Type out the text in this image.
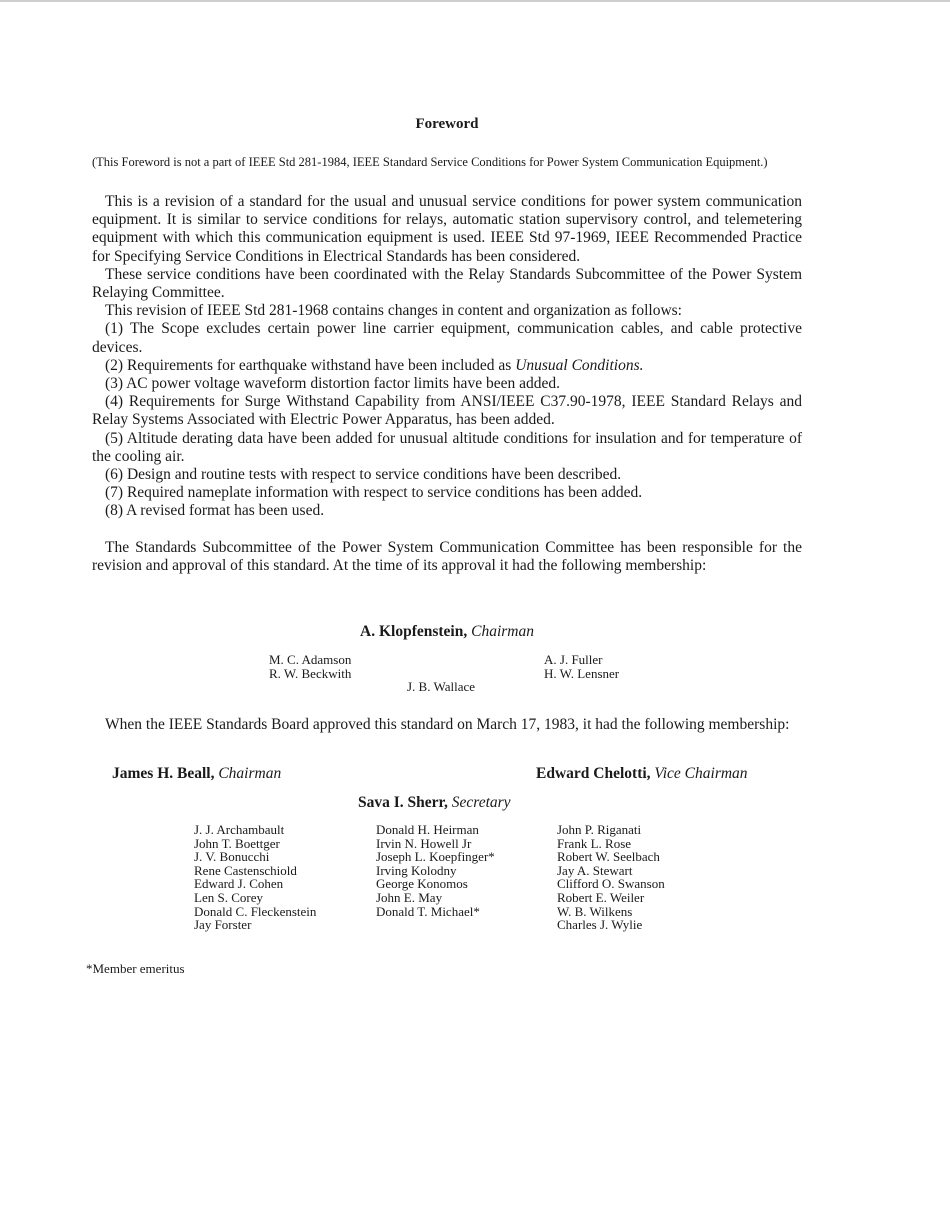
Foreword
(This Foreword is not a part of IEEE Std 281-1984, IEEE Standard Service Conditions for Power System Communication Equipment.)

This is a revision of a standard for the usual and unusual service conditions for power system communication equipment. It is similar to service conditions for relays, automatic station supervisory control, and telemetering equipment with which this communication equipment is used. IEEE Std 97-1969, IEEE Recommended Practice for Specifying Service Conditions in Electrical Standards has been considered.

These service conditions have been coordinated with the Relay Standards Subcommittee of the Power System Relaying Committee.

This revision of IEEE Std 281-1968 contains changes in content and organization as follows:

(1) The Scope excludes certain power line carrier equipment, communication cables, and cable protective devices.

(2) Requirements for earthquake withstand have been included as Unusual Conditions.

(3) AC power voltage waveform distortion factor limits have been added.

(4) Requirements for Surge Withstand Capability from ANSI/IEEE C37.90-1978, IEEE Standard Relays and Relay Systems Associated with Electric Power Apparatus, has been added.

(5) Altitude derating data have been added for unusual altitude conditions for insulation and for temperature of the cooling air.

(6) Design and routine tests with respect to service conditions have been described.

(7) Required nameplate information with respect to service conditions has been added.

(8) A revised format has been used.

The Standards Subcommittee of the Power System Communication Committee has been responsible for the revision and approval of this standard. At the time of its approval it had the following membership:

A. Klopfenstein, Chairman
M. C. Adamson
R. W. Beckwith
J. B. Wallace
A. J. Fuller
H. W. Lensner
When the IEEE Standards Board approved this standard on March 17, 1983, it had the following membership:
James H. Beall, Chairman	Edward Chelotti, Vice Chairman
Sava I. Sherr, Secretary
J. J. Archambault
John T. Boettger
J. V. Bonucchi
Rene Castenschiold
Edward J. Cohen
Len S. Corey
Donald C. Fleckenstein
Jay Forster
Donald H. Heirman
Irvin N. Howell Jr
Joseph L. Koepfinger*
Irving Kolodny
George Konomos
John E. May
Donald T. Michael*
John P. Riganati
Frank L. Rose
Robert W. Seelbach
Jay A. Stewart
Clifford O. Swanson
Robert E. Weiler
W. B. Wilkens
Charles J. Wylie
*Member emeritus
